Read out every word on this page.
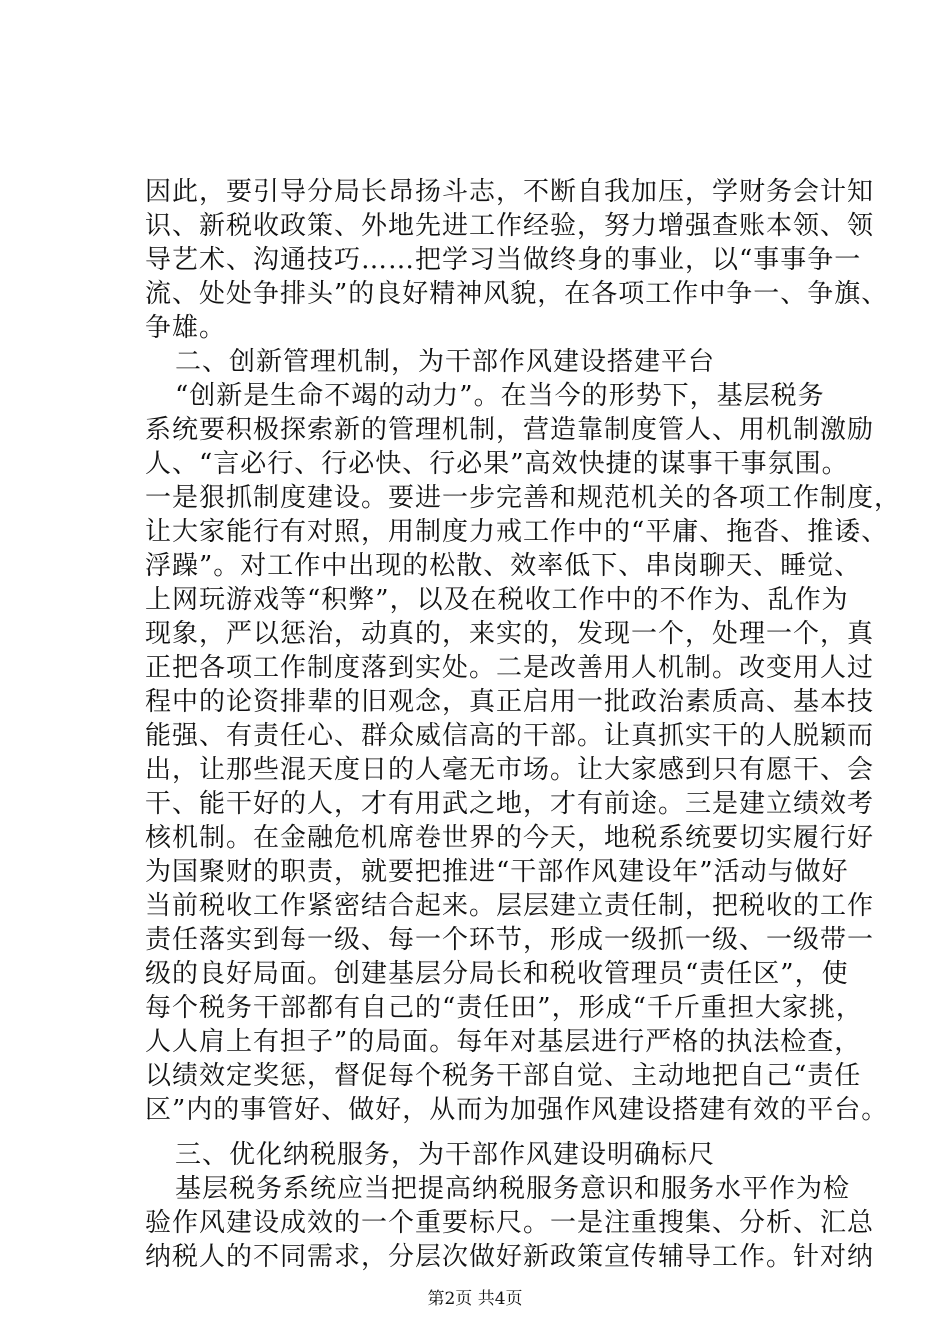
因此，要引导分局长昂扬斗志，不断自我加压，学财务会计知
识、新税收政策、外地先进工作经验，努力增强查账本领、领
导艺术、沟通技巧……把学习当做终身的事业，以“事事争一
流、处处争排头”的良好精神风貌，在各项工作中争一、争旗、
争雄。
二、创新管理机制，为干部作风建设搭建平台
“创新是生命不竭的动力”。在当今的形势下，基层税务
系统要积极探索新的管理机制，营造靠制度管人、用机制激励
人、“言必行、行必快、行必果”高效快捷的谋事干事氛围。
一是狠抓制度建设。要进一步完善和规范机关的各项工作制度，
让大家能行有对照，用制度力戒工作中的“平庸、拖沓、推诿、
浮躁”。对工作中出现的松散、效率低下、串岗聊天、睡觉、
上网玩游戏等“积弊”，以及在税收工作中的不作为、乱作为
现象，严以惩治，动真的，来实的，发现一个，处理一个，真
正把各项工作制度落到实处。二是改善用人机制。改变用人过
程中的论资排辈的旧观念，真正启用一批政治素质高、基本技
能强、有责任心、群众威信高的干部。让真抓实干的人脱颖而
出，让那些混天度日的人毫无市场。让大家感到只有愿干、会
干、能干好的人，才有用武之地，才有前途。三是建立绩效考
核机制。在金融危机席卷世界的今天，地税系统要切实履行好
为国聚财的职责，就要把推进“干部作风建设年”活动与做好
当前税收工作紧密结合起来。层层建立责任制，把税收的工作
责任落实到每一级、每一个环节，形成一级抓一级、一级带一
级的良好局面。创建基层分局长和税收管理员“责任区”，使
每个税务干部都有自己的“责任田”，形成“千斤重担大家挑，
人人肩上有担子”的局面。每年对基层进行严格的执法检查，
以绩效定奖惩，督促每个税务干部自觉、主动地把自己“责任
区”内的事管好、做好，从而为加强作风建设搭建有效的平台。
三、优化纳税服务，为干部作风建设明确标尺
基层税务系统应当把提高纳税服务意识和服务水平作为检
验作风建设成效的一个重要标尺。一是注重搜集、分析、汇总
纳税人的不同需求，分层次做好新政策宣传辅导工作。针对纳
第2页 共4页
